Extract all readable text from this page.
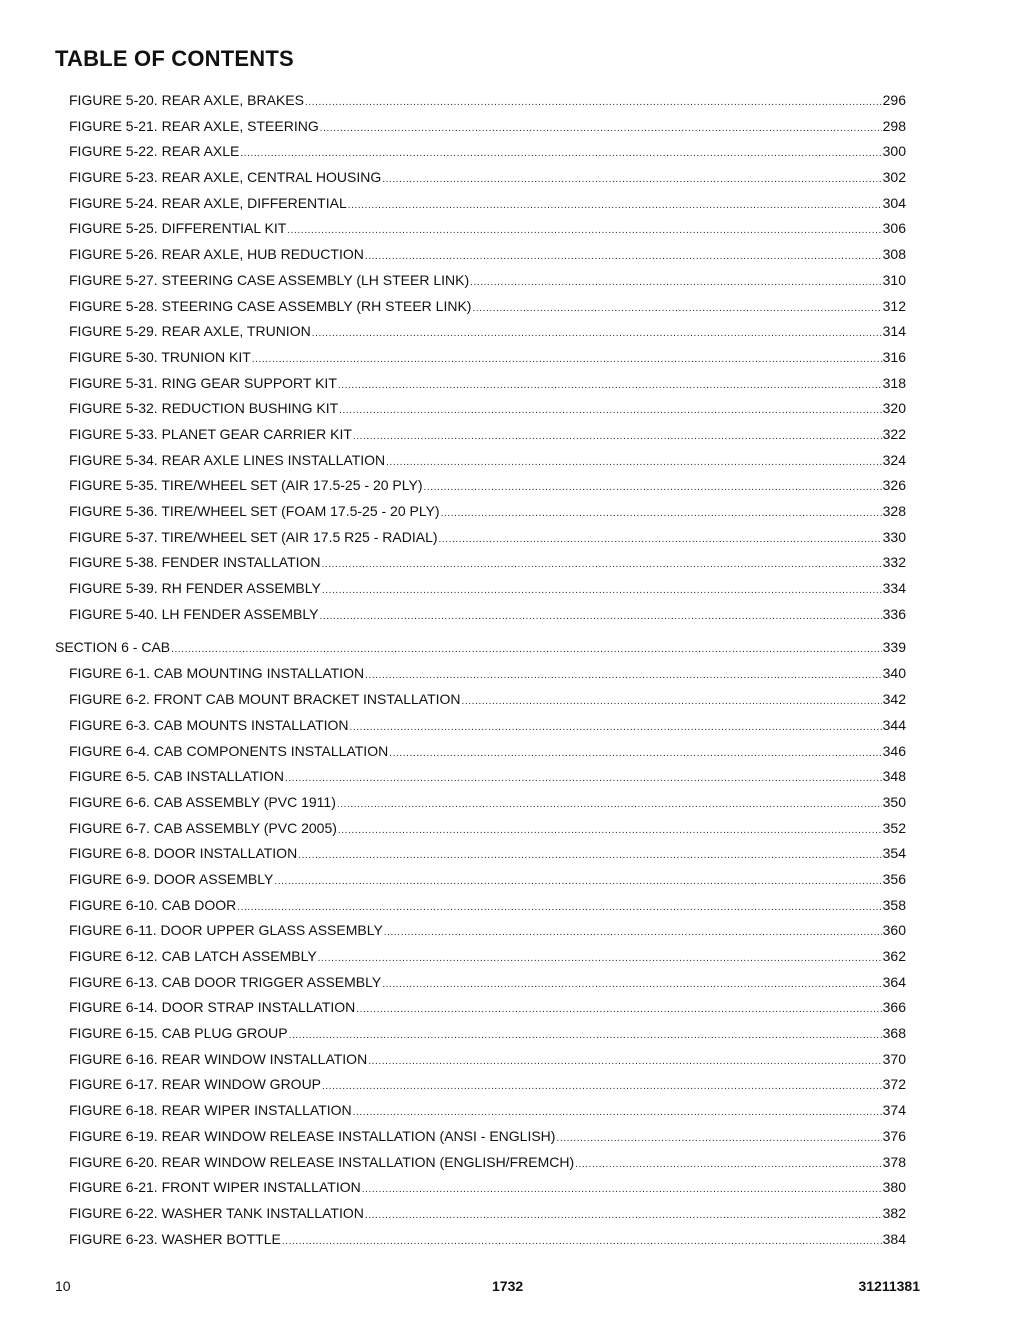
TABLE OF CONTENTS
FIGURE 5-20. REAR AXLE, BRAKES .....	296
FIGURE 5-21. REAR AXLE, STEERING .....	298
FIGURE 5-22. REAR AXLE .....	300
FIGURE 5-23. REAR AXLE, CENTRAL HOUSING .....	302
FIGURE 5-24. REAR AXLE, DIFFERENTIAL .....	304
FIGURE 5-25. DIFFERENTIAL KIT .....	306
FIGURE 5-26. REAR AXLE, HUB REDUCTION .....	308
FIGURE 5-27. STEERING CASE ASSEMBLY (LH STEER LINK) .....	310
FIGURE 5-28. STEERING CASE ASSEMBLY (RH STEER LINK) .....	312
FIGURE 5-29. REAR AXLE, TRUNION .....	314
FIGURE 5-30. TRUNION KIT .....	316
FIGURE 5-31. RING GEAR SUPPORT KIT .....	318
FIGURE 5-32. REDUCTION BUSHING KIT .....	320
FIGURE 5-33. PLANET GEAR CARRIER KIT .....	322
FIGURE 5-34. REAR AXLE LINES INSTALLATION .....	324
FIGURE 5-35. TIRE/WHEEL SET (AIR 17.5-25 - 20 PLY) .....	326
FIGURE 5-36. TIRE/WHEEL SET (FOAM 17.5-25 - 20 PLY) .....	328
FIGURE 5-37. TIRE/WHEEL SET (AIR 17.5 R25 - RADIAL) .....	330
FIGURE 5-38. FENDER INSTALLATION .....	332
FIGURE 5-39. RH FENDER ASSEMBLY .....	334
FIGURE 5-40. LH FENDER ASSEMBLY .....	336
SECTION 6 - CAB .....	339
FIGURE 6-1. CAB MOUNTING INSTALLATION .....	340
FIGURE 6-2. FRONT CAB MOUNT BRACKET INSTALLATION .....	342
FIGURE 6-3. CAB MOUNTS INSTALLATION .....	344
FIGURE 6-4. CAB COMPONENTS INSTALLATION .....	346
FIGURE 6-5. CAB INSTALLATION .....	348
FIGURE 6-6. CAB ASSEMBLY (PVC 1911) .....	350
FIGURE 6-7. CAB ASSEMBLY (PVC 2005) .....	352
FIGURE 6-8. DOOR INSTALLATION .....	354
FIGURE 6-9. DOOR ASSEMBLY .....	356
FIGURE 6-10. CAB DOOR .....	358
FIGURE 6-11. DOOR UPPER GLASS ASSEMBLY .....	360
FIGURE 6-12. CAB LATCH ASSEMBLY .....	362
FIGURE 6-13. CAB DOOR TRIGGER ASSEMBLY .....	364
FIGURE 6-14. DOOR STRAP INSTALLATION .....	366
FIGURE 6-15. CAB PLUG GROUP .....	368
FIGURE 6-16. REAR WINDOW INSTALLATION .....	370
FIGURE 6-17. REAR WINDOW GROUP .....	372
FIGURE 6-18. REAR WIPER INSTALLATION .....	374
FIGURE 6-19. REAR WINDOW RELEASE INSTALLATION (ANSI - ENGLISH) .....	376
FIGURE 6-20. REAR WINDOW RELEASE INSTALLATION (ENGLISH/FREMCH) .....	378
FIGURE 6-21. FRONT WIPER INSTALLATION .....	380
FIGURE 6-22. WASHER TANK INSTALLATION .....	382
FIGURE 6-23. WASHER BOTTLE .....	384
10	1732	31211381
